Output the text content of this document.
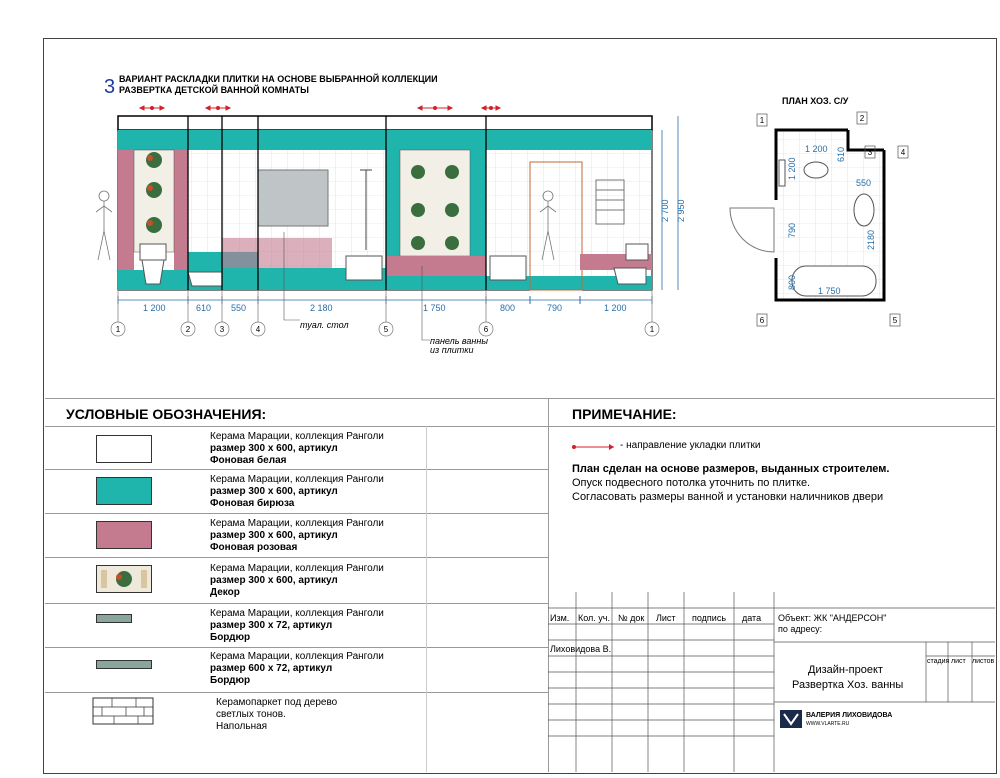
3 ВАРИАНТ РАСКЛАДКИ ПЛИТКИ НА ОСНОВЕ ВЫБРАННОЙ КОЛЛЕКЦИИ
РАЗВЕРТКА ДЕТСКОЙ ВАННОЙ КОМНАТЫ
ПЛАН ХОЗ. С/У
1 200	610 550	2 180	1 750	800	790	1 200
2 700 2 950
1	2	3	4	5	6	1
туал. стол
панель ванны
из плитки
1	2
3	4
5
6
1 200 610
1 200
550
790	2180
800
1 750
УСЛОВНЫЕ ОБОЗНАЧЕНИЯ:
Керама Марации, коллекция Ранголи
размер 300 х 600, артикул
Фоновая белая
Керама Марации, коллекция Ранголи
размер 300 х 600, артикул
Фоновая бирюза
Керама Марации, коллекция Ранголи
размер 300 х 600, артикул
Фоновая розовая
Керама Марации, коллекция Ранголи
размер 300 х 600, артикул
Декор
Керама Марации, коллекция Ранголи
размер 300 х 72, артикул
Бордюр
Керама Марации, коллекция Ранголи
размер 600 х 72, артикул
Бордюр
Керамопаркет под дерево
светлых тонов.
Напольная
ПРИМЕЧАНИЕ:
- направление укладки плитки
План сделан на основе размеров, выданных строителем.
Опуск подвесного потолка уточнить по плитке.
Согласовать размеры ванной и установки наличников двери
Изм. Кол. уч. № док Лист подпись дата Объект: ЖК "АНДЕРСОН"
по адресу:
Лиховидова В.
Дизайн-проект
Развертка Хоз. ванны
стадия лист листов
ВАЛЕРИЯ ЛИХОВИДОВА
WWW.VLARTE.RU
